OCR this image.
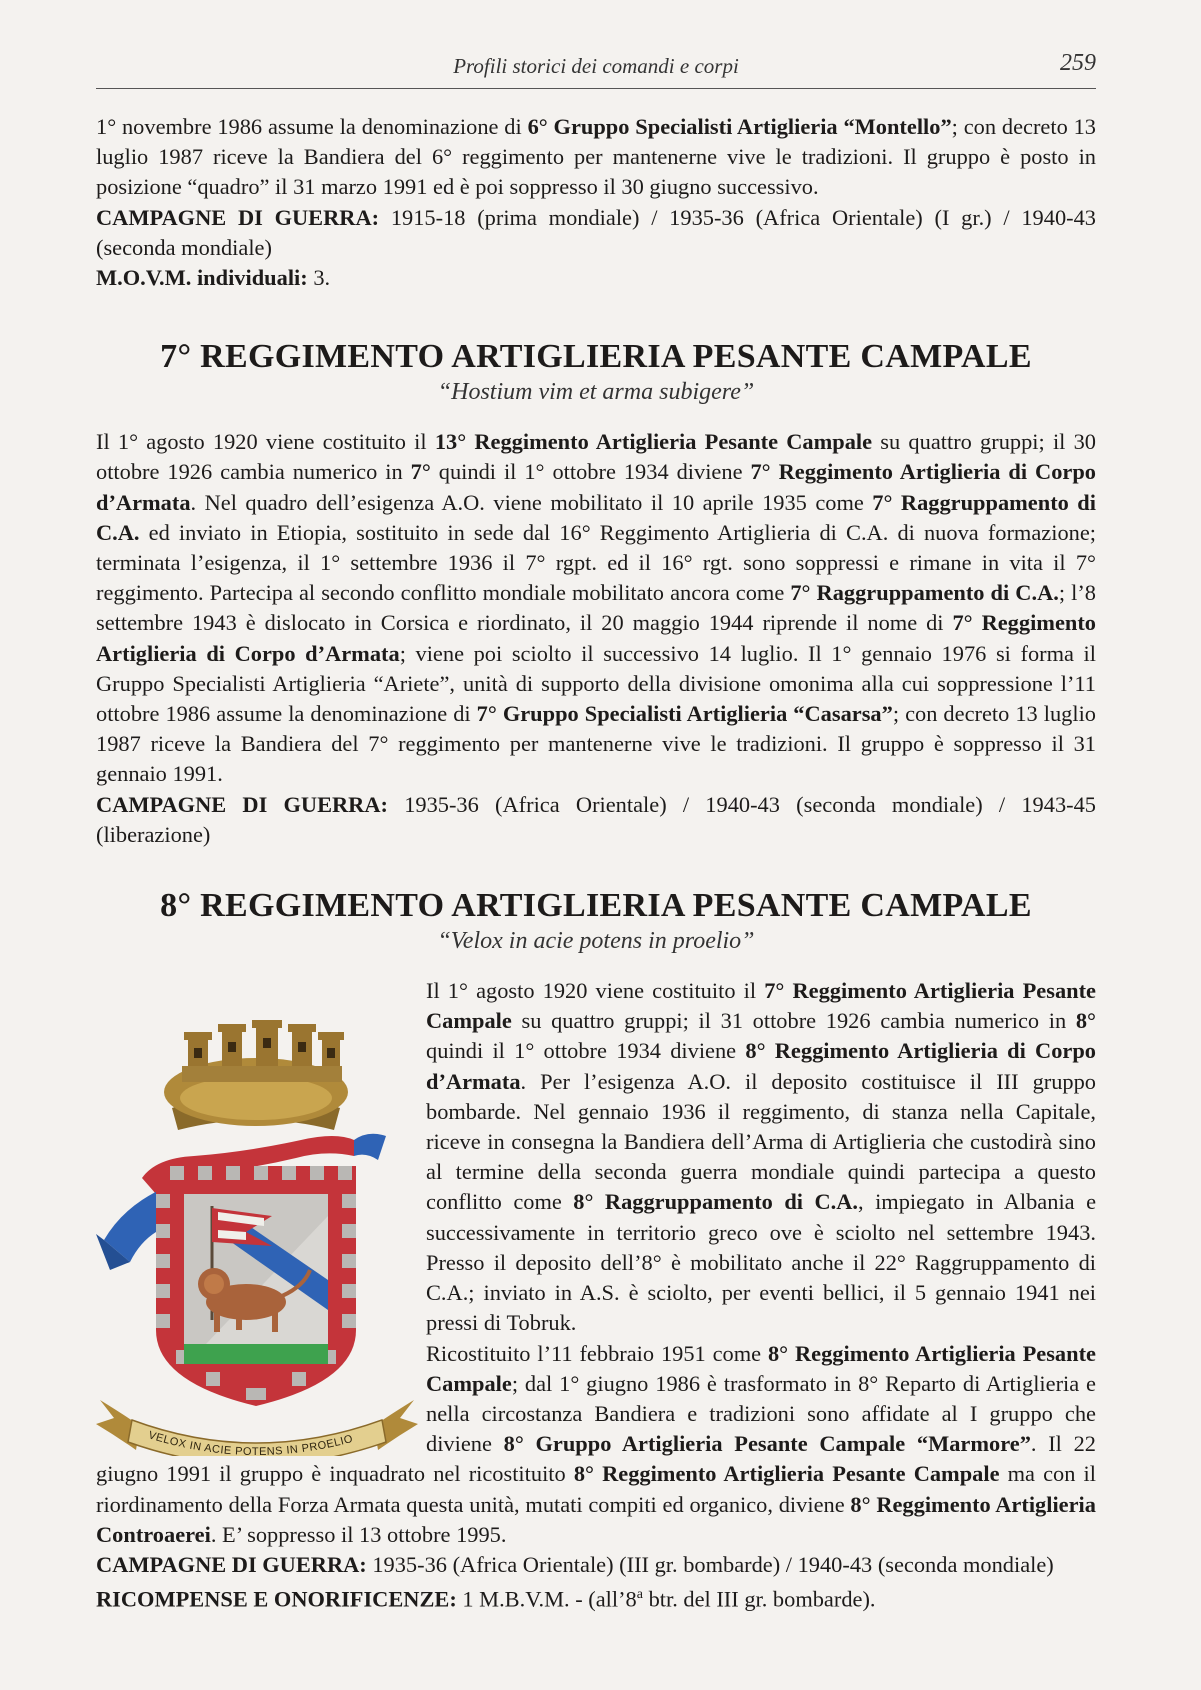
Profili storici dei comandi e corpi	259

1° novembre 1986 assume la denominazione di 6° Gruppo Specialisti Artiglieria “Montello”; con decreto 13 luglio 1987 riceve la Bandiera del 6° reggimento per mantenerne vive le tradizioni. Il gruppo è posto in posizione “quadro” il 31 marzo 1991 ed è poi soppresso il 30 giugno successivo.
CAMPAGNE DI GUERRA: 1915-18 (prima mondiale) / 1935-36 (Africa Orientale) (I gr.) / 1940-43 (seconda mondiale)
M.O.V.M. individuali: 3.

7° REGGIMENTO ARTIGLIERIA PESANTE CAMPALE

“Hostium vim et arma subigere”

Il 1° agosto 1920 viene costituito il 13° Reggimento Artiglieria Pesante Campale su quattro gruppi; il 30 ottobre 1926 cambia numerico in 7° quindi il 1° ottobre 1934 diviene 7° Reggimento Artiglieria di Corpo d’Armata. Nel quadro dell’esigenza A.O. viene mobilitato il 10 aprile 1935 come 7° Raggruppamento di C.A. ed inviato in Etiopia, sostituito in sede dal 16° Reggimento Artiglieria di C.A. di nuova formazione; terminata l’esigenza, il 1° settembre 1936 il 7° rgpt. ed il 16° rgt. sono soppressi e rimane in vita il 7° reggimento. Partecipa al secondo conflitto mondiale mobilitato ancora come 7° Raggruppamento di C.A.; l’8 settembre 1943 è dislocato in Corsica e riordinato, il 20 maggio 1944 riprende il nome di 7° Reggimento Artiglieria di Corpo d’Armata; viene poi sciolto il successivo 14 luglio. Il 1° gennaio 1976 si forma il Gruppo Specialisti Artiglieria “Ariete”, unità di supporto della divisione omonima alla cui soppressione l’11 ottobre 1986 assume la denominazione di 7° Gruppo Specialisti Artiglieria “Casarsa”; con decreto 13 luglio 1987 riceve la Bandiera del 7° reggimento per mantenerne vive le tradizioni. Il gruppo è soppresso il 31 gennaio 1991.
CAMPAGNE DI GUERRA: 1935-36 (Africa Orientale) / 1940-43 (seconda mondiale) / 1943-45 (liberazione)

8° REGGIMENTO ARTIGLIERIA PESANTE CAMPALE

“Velox in acie potens in proelio”

VELOX IN ACIE POTENS IN PROELIO

Il 1° agosto 1920 viene costituito il 7° Reggimento Artiglieria Pesante Campale su quattro gruppi; il 31 ottobre 1926 cambia numerico in 8° quindi il 1° ottobre 1934 diviene 8° Reggimento Artiglieria di Corpo d’Armata. Per l’esigenza A.O. il deposito costituisce il III gruppo bombarde. Nel gennaio 1936 il reggimento, di stanza nella Capitale, riceve in consegna la Bandiera dell’Arma di Artiglieria che custodirà sino al termine della seconda guerra mondiale quindi partecipa a questo conflitto come 8° Raggruppamento di C.A., impiegato in Albania e successivamente in territorio greco ove è sciolto nel settembre 1943. Presso il deposito dell’8° è mobilitato anche il 22° Raggruppamento di C.A.; inviato in A.S. è sciolto, per eventi bellici, il 5 gennaio 1941 nei pressi di Tobruk.

Ricostituito l’11 febbraio 1951 come 8° Reggimento Artiglieria Pesante Campale; dal 1° giugno 1986 è trasformato in 8° Reparto di Artiglieria e nella circostanza Bandiera e tradizioni sono affidate al I gruppo che diviene 8° Gruppo Artiglieria Pesante Campale “Marmore”. Il 22 giugno 1991 il gruppo è inquadrato nel ricostituito 8° Reggimento Artiglieria Pesante Campale ma con il riordinamento della Forza Armata questa unità, mutati compiti ed organico, diviene 8° Reggimento Artiglieria Controaerei. E’ soppresso il 13 ottobre 1995.

CAMPAGNE DI GUERRA: 1935-36 (Africa Orientale) (III gr. bombarde) / 1940-43 (seconda mondiale)
RICOMPENSE E ONORIFICENZE: 1 M.B.V.M. - (all’8$^a$ btr. del III gr. bombarde).
